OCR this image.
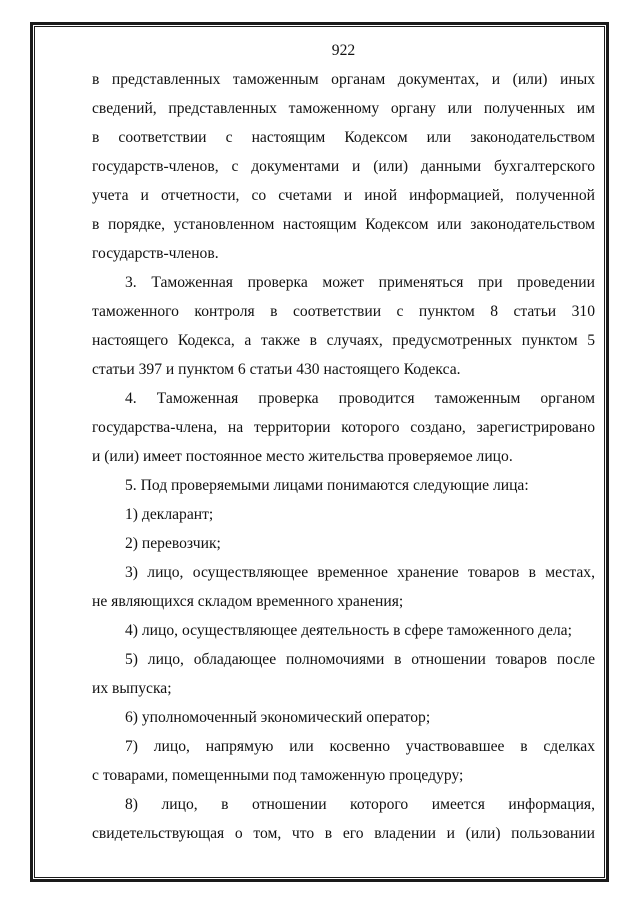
922

в представленных таможенным органам документах, и (или) иных
сведений, представленных таможенному органу или полученных им
в соответствии с настоящим Кодексом или законодательством
государств-членов, с документами и (или) данными бухгалтерского
учета и отчетности, со счетами и иной информацией, полученной
в порядке, установленном настоящим Кодексом или законодательством
государств-членов.

3. Таможенная проверка может применяться при проведении
таможенного контроля в соответствии с пунктом 8 статьи 310
настоящего Кодекса, а также в случаях, предусмотренных пунктом 5
статьи 397 и пунктом 6 статьи 430 настоящего Кодекса.

4. Таможенная проверка проводится таможенным органом
государства-члена, на территории которого создано, зарегистрировано
и (или) имеет постоянное место жительства проверяемое лицо.

5. Под проверяемыми лицами понимаются следующие лица:

1) декларант;

2) перевозчик;

3) лицо, осуществляющее временное хранение товаров в местах,
не являющихся складом временного хранения;

4) лицо, осуществляющее деятельность в сфере таможенного дела;

5) лицо, обладающее полномочиями в отношении товаров после
их выпуска;

6) уполномоченный экономический оператор;

7) лицо, напрямую или косвенно участвовавшее в сделках
с товарами, помещенными под таможенную процедуру;

8) лицо, в отношении которого имеется информация,
свидетельствующая о том, что в его владении и (или) пользовании
